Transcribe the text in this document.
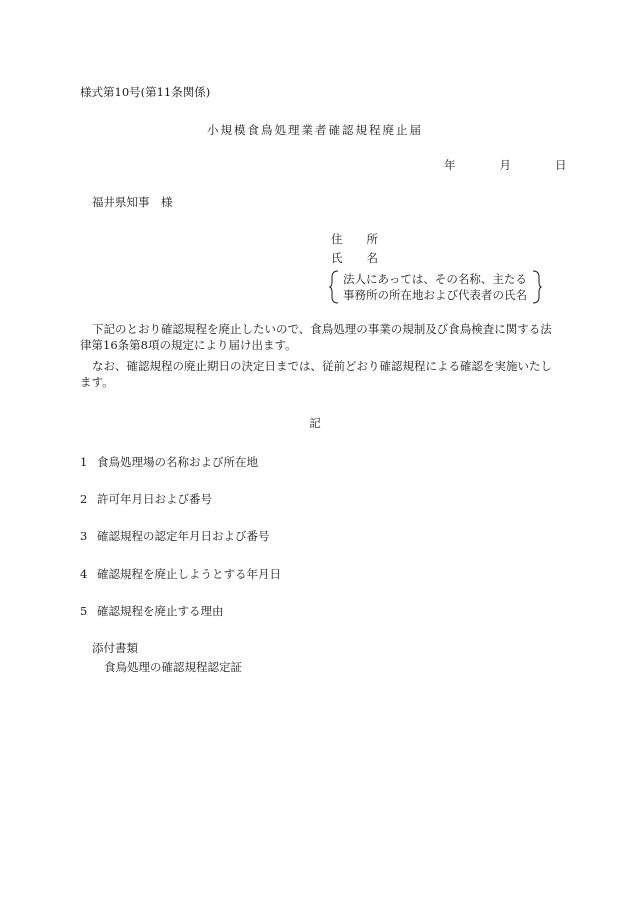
様式第10号(第11条関係)
小規模食鳥処理業者確認規程廃止届
年	月	日
福井県知事　様
住 所
氏 名
法人にあっては、その名称、主たる
事務所の所在地および代表者の氏名
下記のとおり確認規程を廃止したいので、食鳥処理の事業の規制及び食鳥検査に関する法律第16条第8項の規定により届け出ます。
なお、確認規程の廃止期日の決定日までは、従前どおり確認規程による確認を実施いたします。
記
1 食鳥処理場の名称および所在地
2 許可年月日および番号
3 確認規程の認定年月日および番号
4 確認規程を廃止しようとする年月日
5 確認規程を廃止する理由
添付書類
食鳥処理の確認規程認定証
